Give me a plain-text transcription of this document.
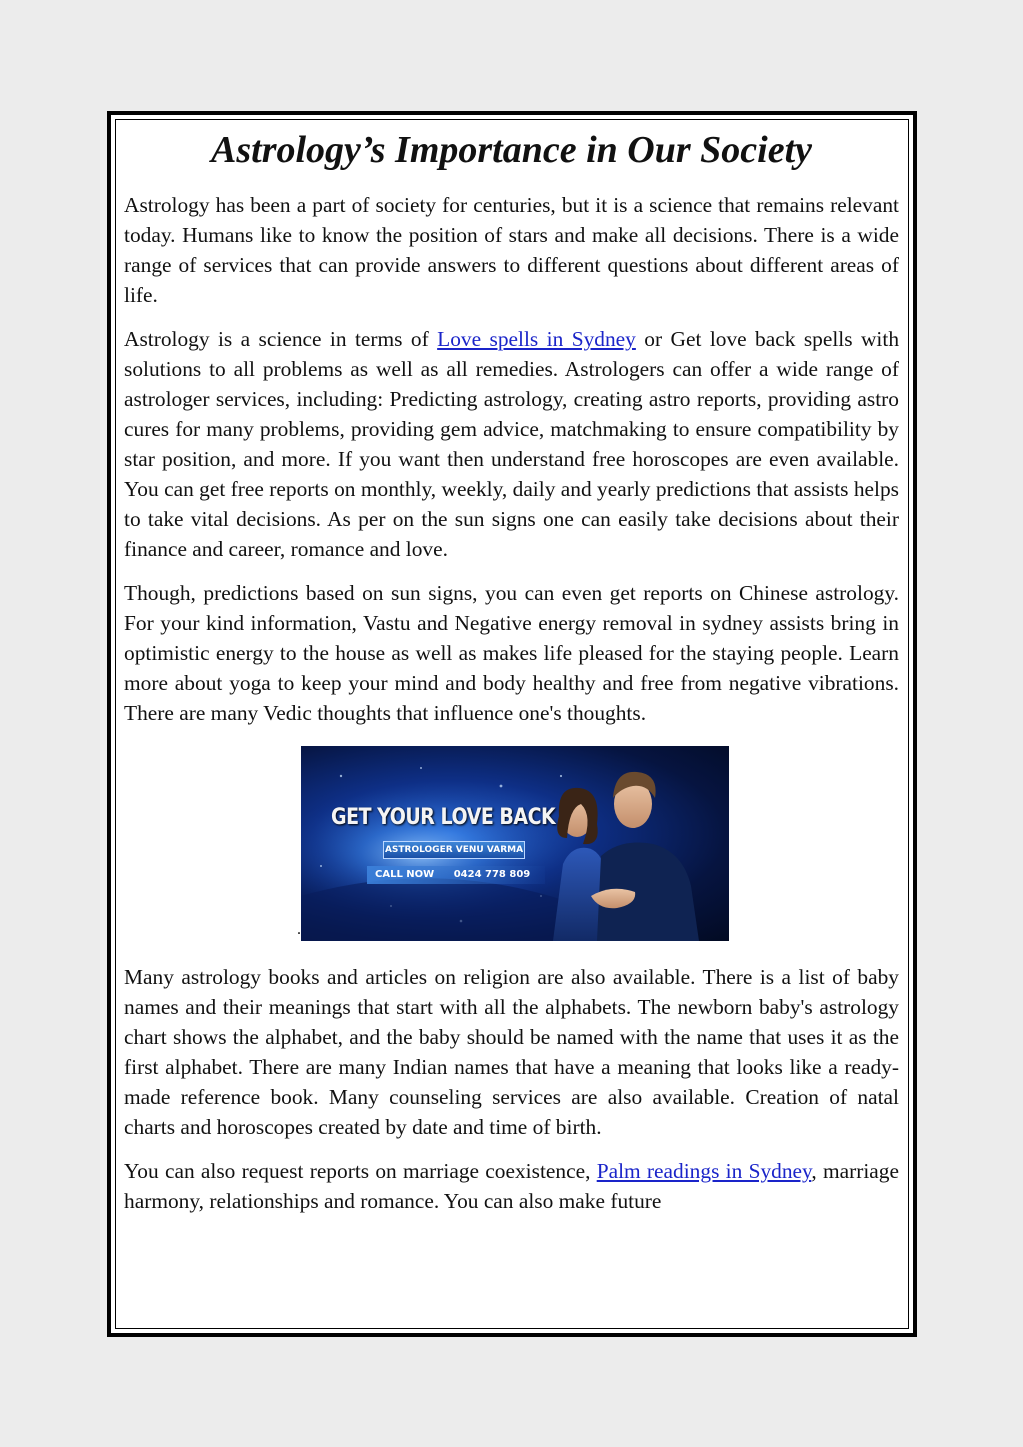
Astrology’s Importance in Our Society

Astrology has been a part of society for centuries, but it is a science that remains relevant today. Humans like to know the position of stars and make all decisions. There is a wide range of services that can provide answers to different questions about different areas of life.

Astrology is a science in terms of Love spells in Sydney or Get love back spells with solutions to all problems as well as all remedies. Astrologers can offer a wide range of astrologer services, including: Predicting astrology, creating astro reports, providing astro cures for many problems, providing gem advice, matchmaking to ensure compatibility by star position, and more. If you want then understand free horoscopes are even available. You can get free reports on monthly, weekly, daily and yearly predictions that assists helps to take vital decisions. As per on the sun signs one can easily take decisions about their finance and career, romance and love.

Though, predictions based on sun signs, you can even get reports on Chinese astrology. For your kind information, Vastu and Negative energy removal in sydney assists bring in optimistic energy to the house as well as makes life pleased for the staying people. Learn more about yoga to keep your mind and body healthy and free from negative vibrations. There are many Vedic thoughts that influence one's thoughts.

.
GET YOUR LOVE BACK
ASTROLOGER VENU VARMA
CALL NOW 0424 778 809

Many astrology books and articles on religion are also available. There is a list of baby names and their meanings that start with all the alphabets. The newborn baby's astrology chart shows the alphabet, and the baby should be named with the name that uses it as the first alphabet. There are many Indian names that have a meaning that looks like a ready-made reference book. Many counseling services are also available. Creation of natal charts and horoscopes created by date and time of birth.

You can also request reports on marriage coexistence, Palm readings in Sydney, marriage harmony, relationships and romance. You can also make future
